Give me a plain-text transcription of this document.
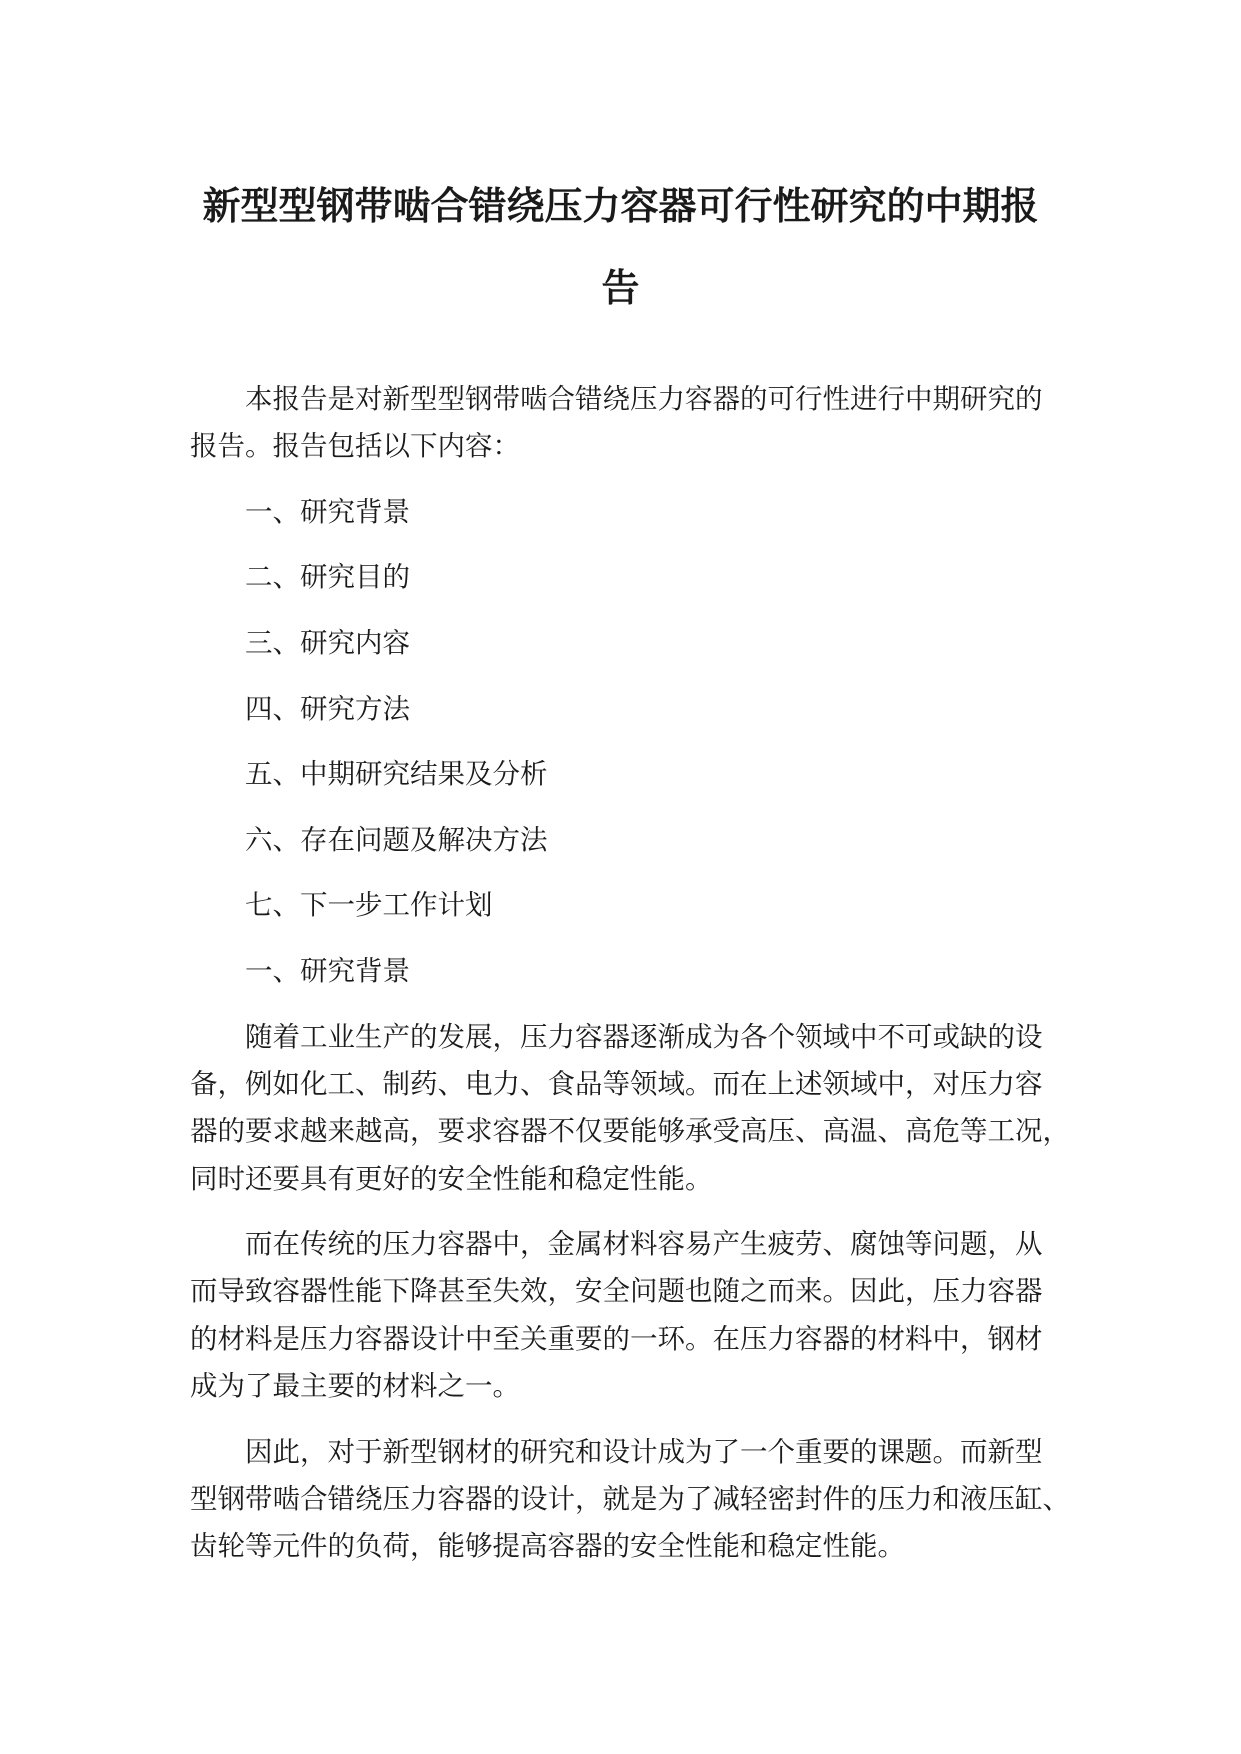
新型型钢带啮合错绕压力容器可行性研究的中期报告
本报告是对新型型钢带啮合错绕压力容器的可行性进行中期研究的
报告。报告包括以下内容：
一、研究背景
二、研究目的
三、研究内容
四、研究方法
五、中期研究结果及分析
六、存在问题及解决方法
七、下一步工作计划
一、研究背景
随着工业生产的发展，压力容器逐渐成为各个领域中不可或缺的设
备，例如化工、制药、电力、食品等领域。而在上述领域中，对压力容
器的要求越来越高，要求容器不仅要能够承受高压、高温、高危等工况，
同时还要具有更好的安全性能和稳定性能。
而在传统的压力容器中，金属材料容易产生疲劳、腐蚀等问题，从
而导致容器性能下降甚至失效，安全问题也随之而来。因此，压力容器
的材料是压力容器设计中至关重要的一环。在压力容器的材料中，钢材
成为了最主要的材料之一。
因此，对于新型钢材的研究和设计成为了一个重要的课题。而新型
型钢带啮合错绕压力容器的设计，就是为了减轻密封件的压力和液压缸、
齿轮等元件的负荷，能够提高容器的安全性能和稳定性能。
